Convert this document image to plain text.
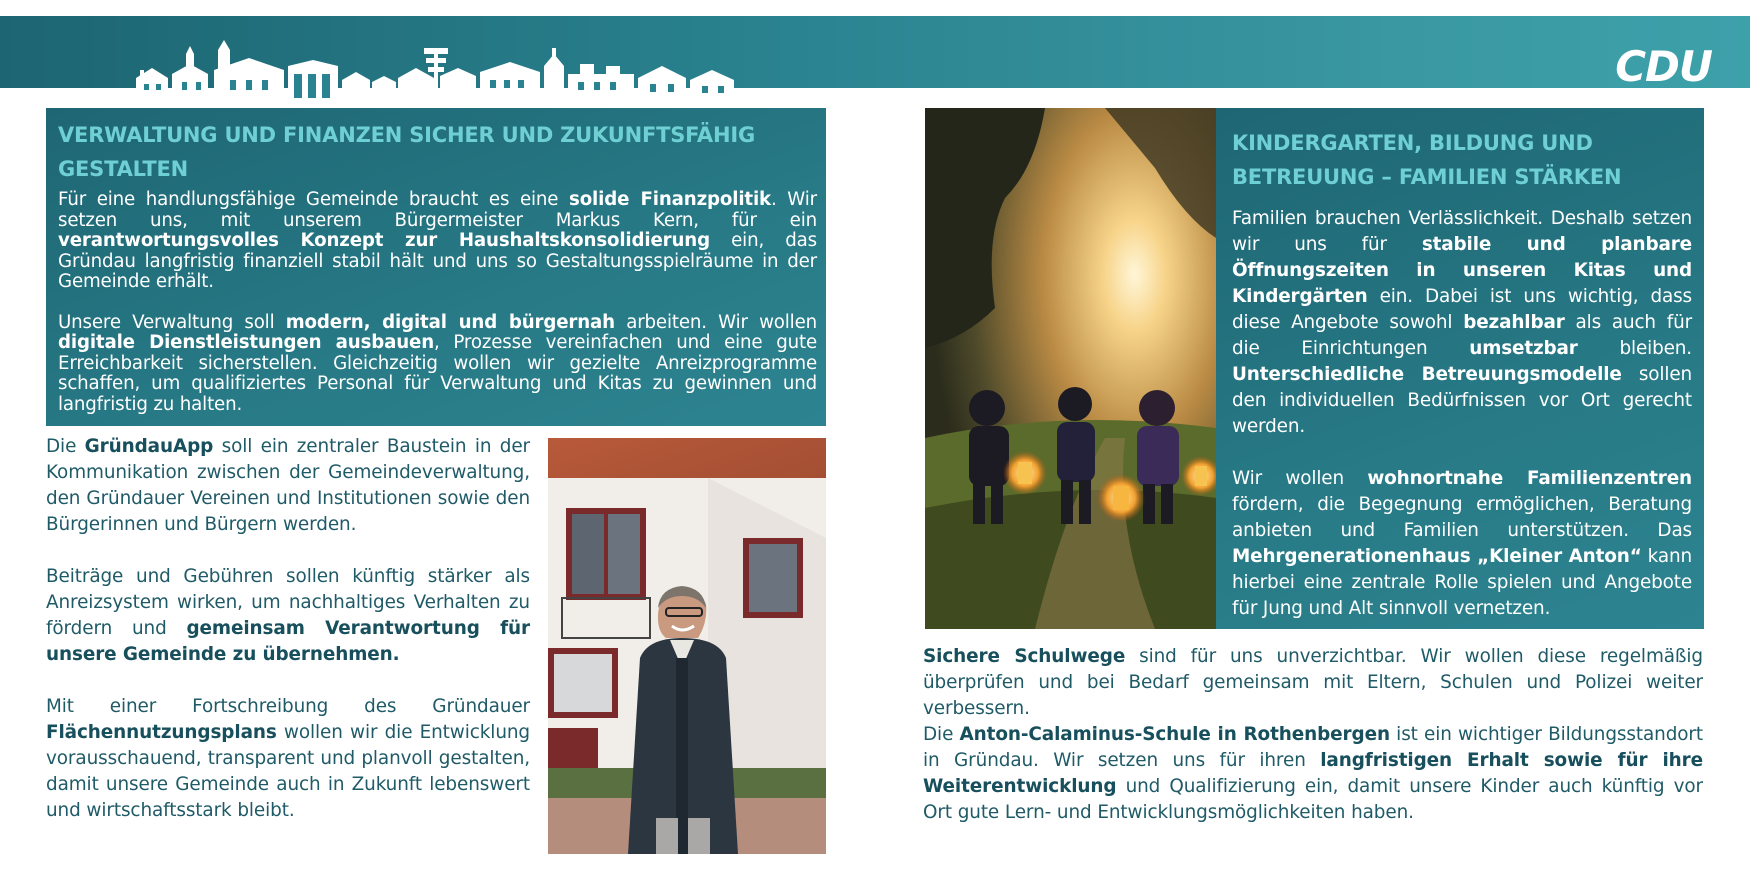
CDU
VERWALTUNG UND FINANZEN SICHER UND ZUKUNFTSFÄHIG GESTALTEN
Für eine handlungsfähige Gemeinde braucht es eine solide Finanzpolitik. Wir setzen uns, mit unserem Bürgermeister Markus Kern, für ein verantwortungsvolles Konzept zur Haushaltskonsolidierung ein, das Gründau langfristig finanziell stabil hält und uns so Gestaltungsspielräume in der Gemeinde erhält.
Unsere Verwaltung soll modern, digital und bürgernah arbeiten. Wir wollen digitale Dienstleistungen ausbauen, Prozesse vereinfachen und eine gute Erreichbarkeit sicherstellen. Gleichzeitig wollen wir gezielte Anreizprogramme schaffen, um qualifiziertes Personal für Verwaltung und Kitas zu gewinnen und langfristig zu halten.

Die GründauApp soll ein zentraler Baustein in der Kommunikation zwischen der Gemeindeverwaltung, den Gründauer Vereinen und Institutionen sowie den Bürgerinnen und Bürgern werden.

Beiträge und Gebühren sollen künftig stärker als Anreizsystem wirken, um nachhaltiges Verhalten zu fördern und gemeinsam Verantwortung für unsere Gemeinde zu übernehmen.

Mit einer Fortschreibung des Gründauer Flächennutzungsplans wollen wir die Entwicklung vorausschauend, transparent und planvoll gestalten, damit unsere Gemeinde auch in Zukunft lebenswert und wirtschaftsstark bleibt.

KINDERGARTEN, BILDUNG UND BETREUUNG – FAMILIEN STÄRKEN
Familien brauchen Verlässlichkeit. Deshalb setzen wir uns für stabile und planbare Öffnungszeiten in unseren Kitas und Kindergärten ein. Dabei ist uns wichtig, dass diese Angebote sowohl bezahlbar als auch für die Einrichtungen umsetzbar bleiben. Unterschiedliche Betreuungsmodelle sollen den individuellen Bedürfnissen vor Ort gerecht werden.
Wir wollen wohnortnahe Familienzentren fördern, die Begegnung ermöglichen, Beratung anbieten und Familien unterstützen. Das Mehrgenerationenhaus „Kleiner Anton“ kann hierbei eine zentrale Rolle spielen und Angebote für Jung und Alt sinnvoll vernetzen.

Sichere Schulwege sind für uns unverzichtbar. Wir wollen diese regelmäßig überprüfen und bei Bedarf gemeinsam mit Eltern, Schulen und Polizei weiter verbessern.

Die Anton-Calaminus-Schule in Rothenbergen ist ein wichtiger Bildungsstandort in Gründau. Wir setzen uns für ihren langfristigen Erhalt sowie für ihre Weiterentwicklung und Qualifizierung ein, damit unsere Kinder auch künftig vor Ort gute Lern- und Entwicklungsmöglichkeiten haben.
